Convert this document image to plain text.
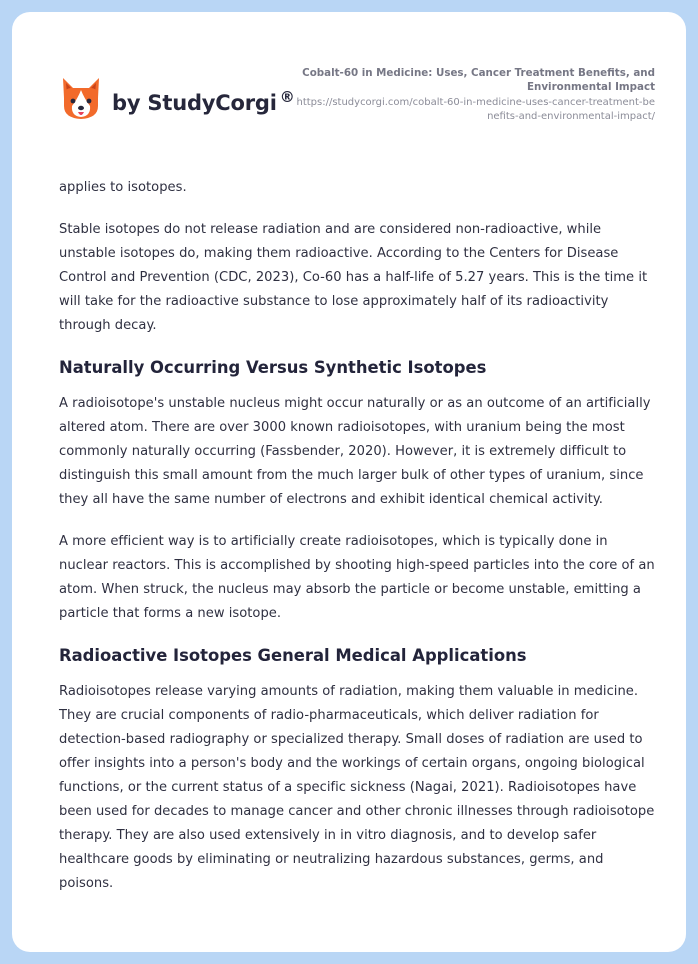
by StudyCorgi ®
Cobalt-60 in Medicine: Uses, Cancer Treatment Benefits, and Environmental Impact
https://studycorgi.com/cobalt-60-in-medicine-uses-cancer-treatment-benefits-and-environmental-impact/

applies to isotopes.

Stable isotopes do not release radiation and are considered non-radioactive, while unstable isotopes do, making them radioactive. According to the Centers for Disease Control and Prevention (CDC, 2023), Co-60 has a half-life of 5.27 years. This is the time it will take for the radioactive substance to lose approximately half of its radioactivity through decay.

Naturally Occurring Versus Synthetic Isotopes

A radioisotope's unstable nucleus might occur naturally or as an outcome of an artificially altered atom. There are over 3000 known radioisotopes, with uranium being the most commonly naturally occurring (Fassbender, 2020). However, it is extremely difficult to distinguish this small amount from the much larger bulk of other types of uranium, since they all have the same number of electrons and exhibit identical chemical activity.

A more efficient way is to artificially create radioisotopes, which is typically done in nuclear reactors. This is accomplished by shooting high-speed particles into the core of an atom. When struck, the nucleus may absorb the particle or become unstable, emitting a particle that forms a new isotope.

Radioactive Isotopes General Medical Applications

Radioisotopes release varying amounts of radiation, making them valuable in medicine. They are crucial components of radio-pharmaceuticals, which deliver radiation for detection-based radiography or specialized therapy. Small doses of radiation are used to offer insights into a person's body and the workings of certain organs, ongoing biological functions, or the current status of a specific sickness (Nagai, 2021). Radioisotopes have been used for decades to manage cancer and other chronic illnesses through radioisotope therapy. They are also used extensively in in vitro diagnosis, and to develop safer healthcare goods by eliminating or neutralizing hazardous substances, germs, and poisons.
